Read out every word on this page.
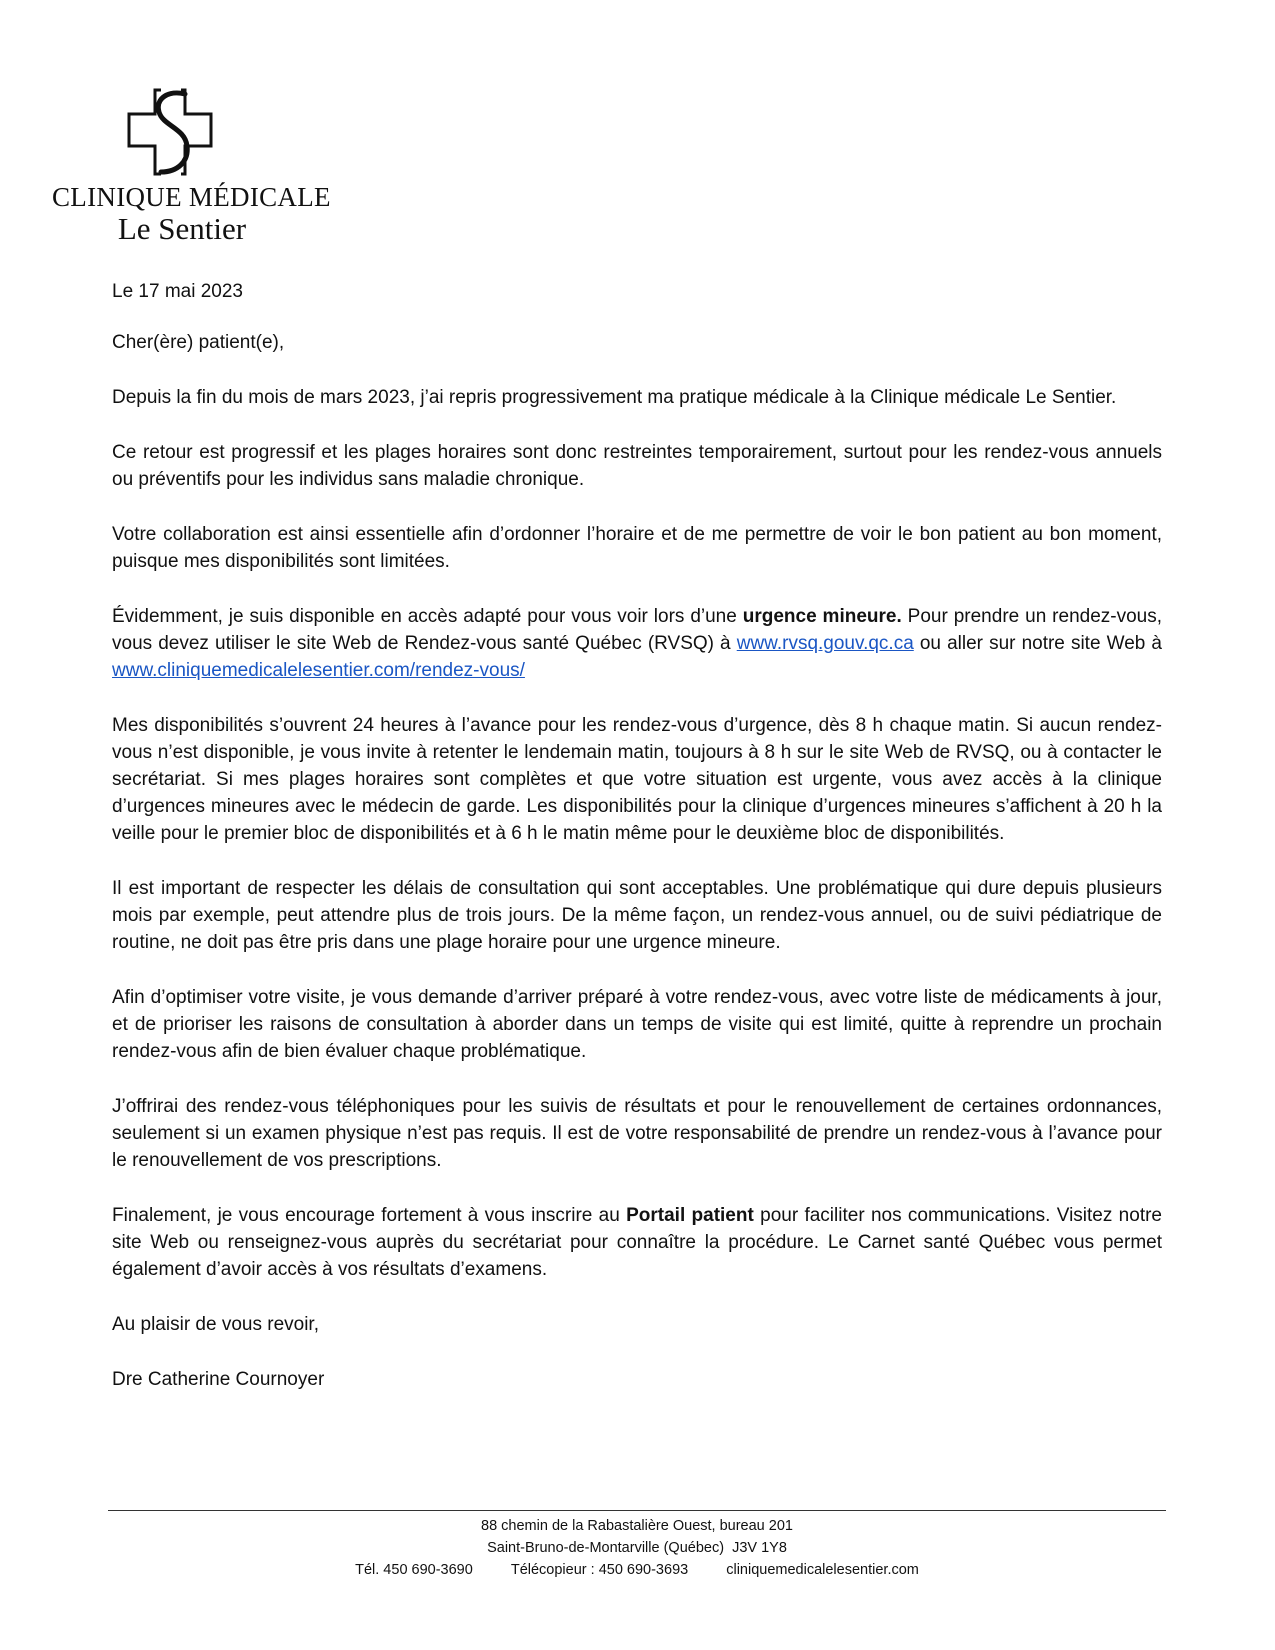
CLINIQUE MÉDICALE
Le Sentier

Le 17 mai 2023

Cher(ère) patient(e),

Depuis la fin du mois de mars 2023, j’ai repris progressivement ma pratique médicale à la Clinique médicale Le Sentier.

Ce retour est progressif et les plages horaires sont donc restreintes temporairement, surtout pour les rendez-vous annuels ou préventifs pour les individus sans maladie chronique.

Votre collaboration est ainsi essentielle afin d’ordonner l’horaire et de me permettre de voir le bon patient au bon moment, puisque mes disponibilités sont limitées.

Évidemment, je suis disponible en accès adapté pour vous voir lors d’une urgence mineure. Pour prendre un rendez-vous, vous devez utiliser le site Web de Rendez-vous santé Québec (RVSQ) à www.rvsq.gouv.qc.ca ou aller sur notre site Web à www.cliniquemedicalelesentier.com/rendez-vous/

Mes disponibilités s’ouvrent 24 heures à l’avance pour les rendez-vous d’urgence, dès 8 h chaque matin. Si aucun rendez-vous n’est disponible, je vous invite à retenter le lendemain matin, toujours à 8 h sur le site Web de RVSQ, ou à contacter le secrétariat. Si mes plages horaires sont complètes et que votre situation est urgente, vous avez accès à la clinique d’urgences mineures avec le médecin de garde. Les disponibilités pour la clinique d’urgences mineures s’affichent à 20 h la veille pour le premier bloc de disponibilités et à 6 h le matin même pour le deuxième bloc de disponibilités.

Il est important de respecter les délais de consultation qui sont acceptables. Une problématique qui dure depuis plusieurs mois par exemple, peut attendre plus de trois jours. De la même façon, un rendez-vous annuel, ou de suivi pédiatrique de routine, ne doit pas être pris dans une plage horaire pour une urgence mineure.

Afin d’optimiser votre visite, je vous demande d’arriver préparé à votre rendez-vous, avec votre liste de médicaments à jour, et de prioriser les raisons de consultation à aborder dans un temps de visite qui est limité, quitte à reprendre un prochain rendez-vous afin de bien évaluer chaque problématique.

J’offrirai des rendez-vous téléphoniques pour les suivis de résultats et pour le renouvellement de certaines ordonnances, seulement si un examen physique n’est pas requis. Il est de votre responsabilité de prendre un rendez-vous à l’avance pour le renouvellement de vos prescriptions.

Finalement, je vous encourage fortement à vous inscrire au Portail patient pour faciliter nos communications. Visitez notre site Web ou renseignez-vous auprès du secrétariat pour connaître la procédure. Le Carnet santé Québec vous permet également d’avoir accès à vos résultats d’examens.

Au plaisir de vous revoir,

Dre Catherine Cournoyer

88 chemin de la Rabastalière Ouest, bureau 201
Saint-Bruno-de-Montarville (Québec)  J3V 1Y8
Tél. 450 690-3690	Télécopieur : 450 690-3693	cliniquemedicalelesentier.com
